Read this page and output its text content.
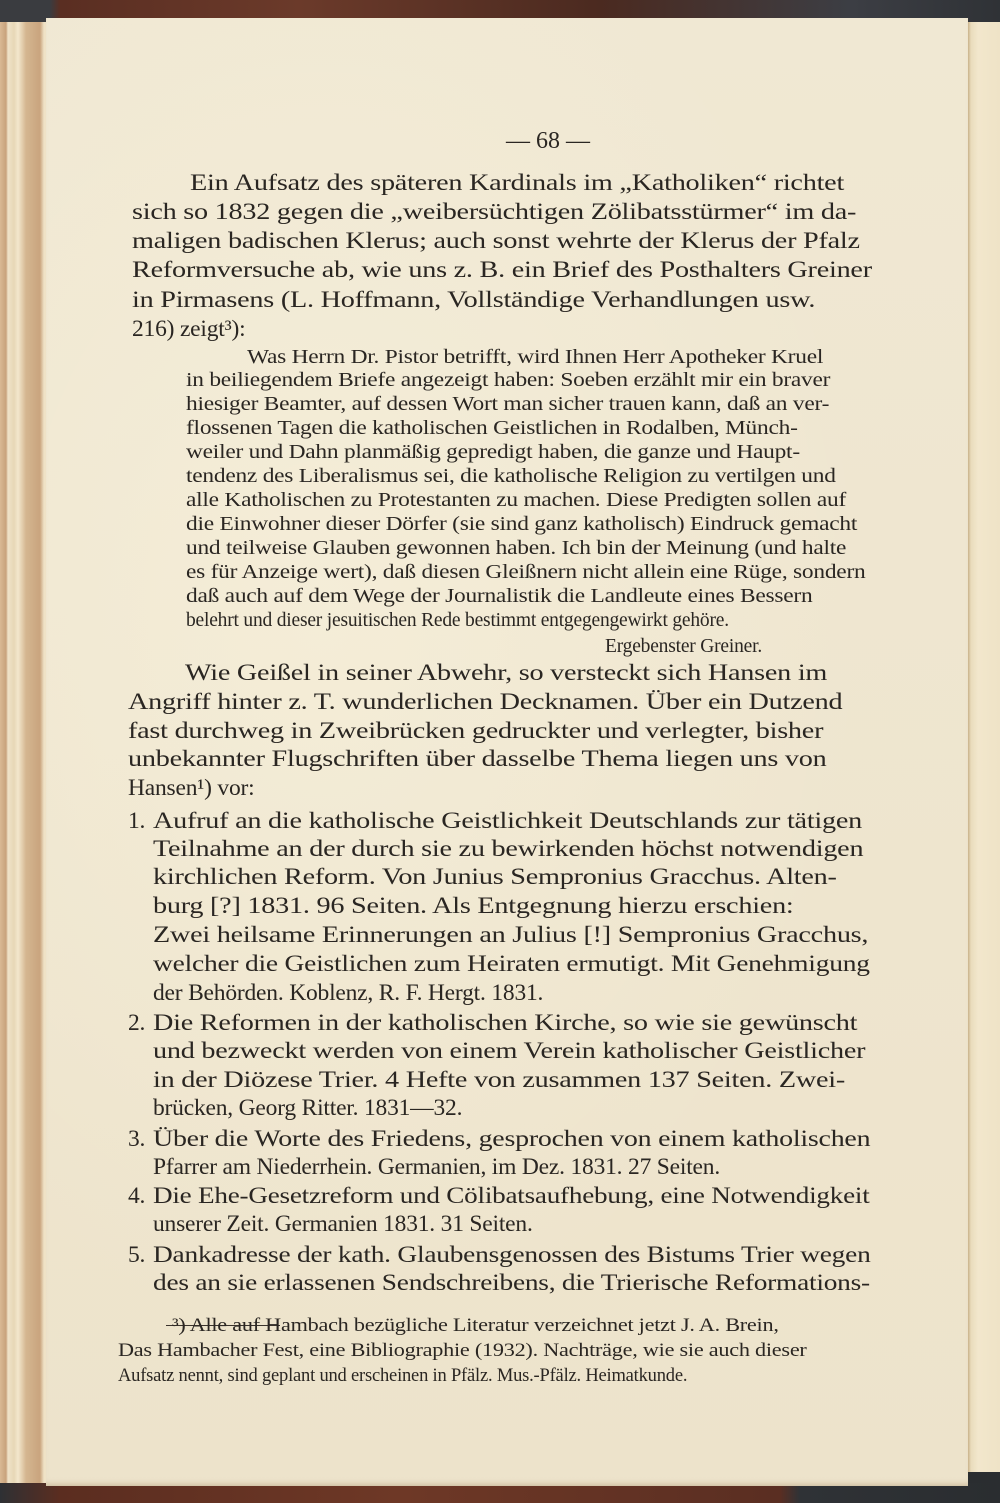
— 68 —
Ein Aufsatz des späteren Kardinals im „Katholiken“ richtet
sich so 1832 gegen die „weibersüchtigen Zölibatsstürmer“ im da-
maligen badischen Klerus; auch sonst wehrte der Klerus der Pfalz
Reformversuche ab, wie uns z. B. ein Brief des Posthalters Greiner
in Pirmasens (L. Hoffmann, Vollständige Verhandlungen usw.
216) zeigt³):
Was Herrn Dr. Pistor betrifft, wird Ihnen Herr Apotheker Kruel
in beiliegendem Briefe angezeigt haben: Soeben erzählt mir ein braver
hiesiger Beamter, auf dessen Wort man sicher trauen kann, daß an ver-
flossenen Tagen die katholischen Geistlichen in Rodalben, Münch-
weiler und Dahn planmäßig gepredigt haben, die ganze und Haupt-
tendenz des Liberalismus sei, die katholische Religion zu vertilgen und
alle Katholischen zu Protestanten zu machen. Diese Predigten sollen auf
die Einwohner dieser Dörfer (sie sind ganz katholisch) Eindruck gemacht
und teilweise Glauben gewonnen haben. Ich bin der Meinung (und halte
es für Anzeige wert), daß diesen Gleißnern nicht allein eine Rüge, sondern
daß auch auf dem Wege der Journalistik die Landleute eines Bessern
belehrt und dieser jesuitischen Rede bestimmt entgegengewirkt gehöre.
Ergebenster Greiner.
Wie Geißel in seiner Abwehr, so versteckt sich Hansen im
Angriff hinter z. T. wunderlichen Decknamen. Über ein Dutzend
fast durchweg in Zweibrücken gedruckter und verlegter, bisher
unbekannter Flugschriften über dasselbe Thema liegen uns von
Hansen¹) vor:
1. Aufruf an die katholische Geistlichkeit Deutschlands zur tätigen
Teilnahme an der durch sie zu bewirkenden höchst notwendigen
kirchlichen Reform. Von Junius Sempronius Gracchus. Alten-
burg [?] 1831. 96 Seiten. Als Entgegnung hierzu erschien:
Zwei heilsame Erinnerungen an Julius [!] Sempronius Gracchus,
welcher die Geistlichen zum Heiraten ermutigt. Mit Genehmigung
der Behörden. Koblenz, R. F. Hergt. 1831.
2. Die Reformen in der katholischen Kirche, so wie sie gewünscht
und bezweckt werden von einem Verein katholischer Geistlicher
in der Diözese Trier. 4 Hefte von zusammen 137 Seiten. Zwei-
brücken, Georg Ritter. 1831—32.
3. Über die Worte des Friedens, gesprochen von einem katholischen
Pfarrer am Niederrhein. Germanien, im Dez. 1831. 27 Seiten.
4. Die Ehe-Gesetzreform und Cölibatsaufhebung, eine Notwendigkeit
unserer Zeit. Germanien 1831. 31 Seiten.
5. Dankadresse der kath. Glaubensgenossen des Bistums Trier wegen
des an sie erlassenen Sendschreibens, die Trierische Reformations-
³) Alle auf Hambach bezügliche Literatur verzeichnet jetzt J. A. Brein,
Das Hambacher Fest, eine Bibliographie (1932). Nachträge, wie sie auch dieser
Aufsatz nennt, sind geplant und erscheinen in Pfälz. Mus.-Pfälz. Heimatkunde.
